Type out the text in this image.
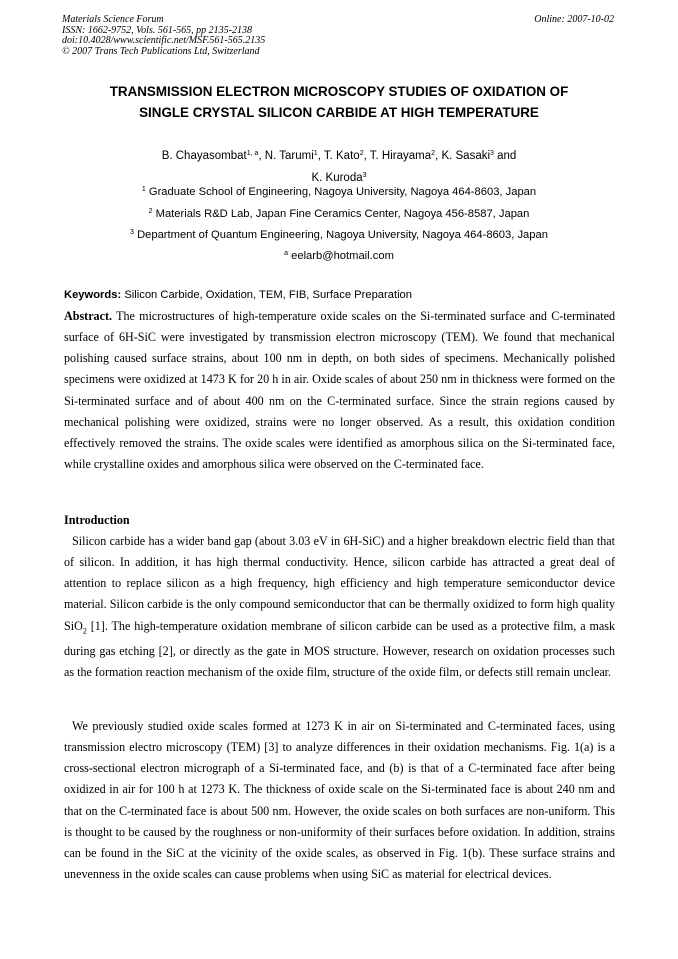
Materials Science Forum
ISSN: 1662-9752, Vols. 561-565, pp 2135-2138
doi:10.4028/www.scientific.net/MSF.561-565.2135
© 2007 Trans Tech Publications Ltd, Switzerland
Online: 2007-10-02
TRANSMISSION ELECTRON MICROSCOPY STUDIES OF OXIDATION OF
SINGLE CRYSTAL SILICON CARBIDE AT HIGH TEMPERATURE
B. Chayasombat$^{1, a}$, N. Tarumi$^1$, T. Kato$^2$, T. Hirayama$^2$, K. Sasaki$^3$ and
K. Kuroda$^3$
$^1$ Graduate School of Engineering, Nagoya University, Nagoya 464-8603, Japan
$^2$ Materials R&D Lab, Japan Fine Ceramics Center, Nagoya 456-8587, Japan
$^3$ Department of Quantum Engineering, Nagoya University, Nagoya 464-8603, Japan
$^a$ eelarb@hotmail.com
Keywords: Silicon Carbide, Oxidation, TEM, FIB, Surface Preparation
Abstract. The microstructures of high-temperature oxide scales on the Si-terminated surface and C-terminated surface of 6H-SiC were investigated by transmission electron microscopy (TEM). We found that mechanical polishing caused surface strains, about 100 nm in depth, on both sides of specimens. Mechanically polished specimens were oxidized at 1473 K for 20 h in air. Oxide scales of about 250 nm in thickness were formed on the Si-terminated surface and of about 400 nm on the C-terminated surface. Since the strain regions caused by mechanical polishing were oxidized, strains were no longer observed. As a result, this oxidation condition effectively removed the strains. The oxide scales were identified as amorphous silica on the Si-terminated face, while crystalline oxides and amorphous silica were observed on the C-terminated face.
Introduction
Silicon carbide has a wider band gap (about 3.03 eV in 6H-SiC) and a higher breakdown electric field than that of silicon. In addition, it has high thermal conductivity. Hence, silicon carbide has attracted a great deal of attention to replace silicon as a high frequency, high efficiency and high temperature semiconductor device material. Silicon carbide is the only compound semiconductor that can be thermally oxidized to form high quality SiO$_2$ [1]. The high-temperature oxidation membrane of silicon carbide can be used as a protective film, a mask during gas etching [2], or directly as the gate in MOS structure. However, research on oxidation processes such as the formation reaction mechanism of the oxide film, structure of the oxide film, or defects still remain unclear.
We previously studied oxide scales formed at 1273 K in air on Si-terminated and C-terminated faces, using transmission electro microscopy (TEM) [3] to analyze differences in their oxidation mechanisms. Fig. 1(a) is a cross-sectional electron micrograph of a Si-terminated face, and (b) is that of a C-terminated face after being oxidized in air for 100 h at 1273 K. The thickness of oxide scale on the Si-terminated face is about 240 nm and that on the C-terminated face is about 500 nm. However, the oxide scales on both surfaces are non-uniform. This is thought to be caused by the roughness or non-uniformity of their surfaces before oxidation. In addition, strains can be found in the SiC at the vicinity of the oxide scales, as observed in Fig. 1(b). These surface strains and unevenness in the oxide scales can cause problems when using SiC as material for electrical devices.
